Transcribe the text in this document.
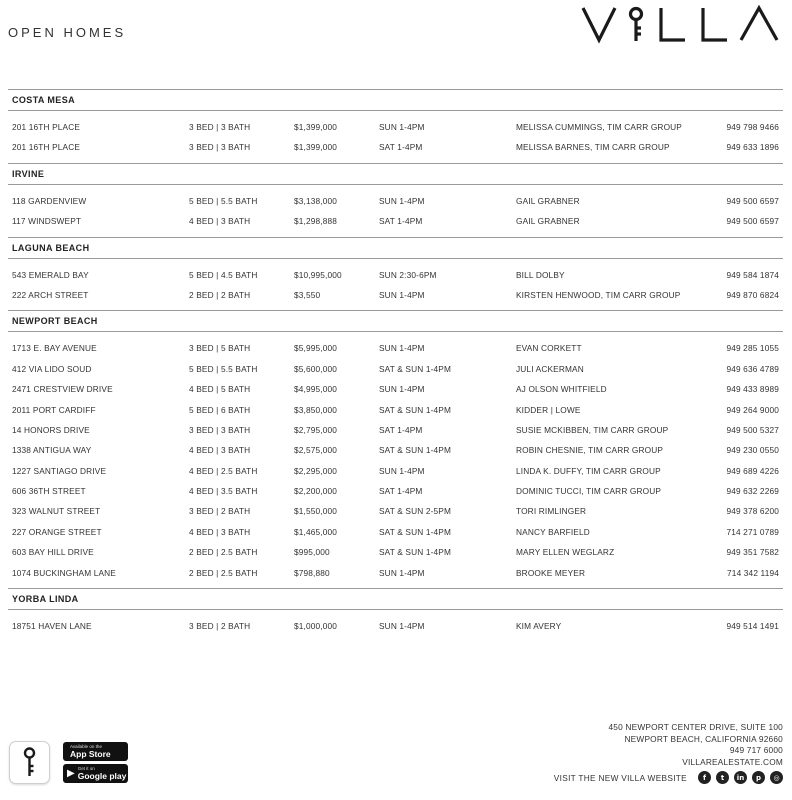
OPEN HOMES
COSTA MESA
201 16TH PLACE	3 BED | 3 BATH	$1,399,000	SUN 1-4PM	MELISSA CUMMINGS, TIM CARR GROUP	949 798 9466
201 16TH PLACE	3 BED | 3 BATH	$1,399,000	SAT 1-4PM	MELISSA BARNES, TIM CARR GROUP	949 633 1896
IRVINE
118 GARDENVIEW	5 BED | 5.5 BATH	$3,138,000	SUN 1-4PM	GAIL GRABNER	949 500 6597
117 WINDSWEPT	4 BED | 3 BATH	$1,298,888	SAT 1-4PM	GAIL GRABNER	949 500 6597
LAGUNA BEACH
543 EMERALD BAY	5 BED | 4.5 BATH	$10,995,000	SUN 2:30-6PM	BILL DOLBY	949 584 1874
222 ARCH STREET	2 BED | 2 BATH	$3,550	SUN 1-4PM	KIRSTEN HENWOOD, TIM CARR GROUP	949 870 6824
NEWPORT BEACH
1713 E. BAY AVENUE	3 BED | 5 BATH	$5,995,000	SUN 1-4PM	EVAN CORKETT	949 285 1055
412 VIA LIDO SOUD	5 BED | 5.5 BATH	$5,600,000	SAT & SUN 1-4PM	JULI ACKERMAN	949 636 4789
2471 CRESTVIEW DRIVE	4 BED | 5 BATH	$4,995,000	SUN 1-4PM	AJ OLSON WHITFIELD	949 433 8989
2011 PORT CARDIFF	5 BED | 6 BATH	$3,850,000	SAT & SUN 1-4PM	KIDDER | LOWE	949 264 9000
14 HONORS DRIVE	3 BED | 3 BATH	$2,795,000	SAT 1-4PM	SUSIE MCKIBBEN, TIM CARR GROUP	949 500 5327
1338 ANTIGUA WAY	4 BED | 3 BATH	$2,575,000	SAT & SUN 1-4PM	ROBIN CHESNIE, TIM CARR GROUP	949 230 0550
1227 SANTIAGO DRIVE	4 BED | 2.5 BATH	$2,295,000	SUN 1-4PM	LINDA K. DUFFY, TIM CARR GROUP	949 689 4226
606 36TH STREET	4 BED | 3.5 BATH	$2,200,000	SAT 1-4PM	DOMINIC TUCCI, TIM CARR GROUP	949 632 2269
323 WALNUT STREET	3 BED | 2 BATH	$1,550,000	SAT & SUN 2-5PM	TORI RIMLINGER	949 378 6200
227 ORANGE STREET	4 BED | 3 BATH	$1,465,000	SAT & SUN 1-4PM	NANCY BARFIELD	714 271 0789
603 BAY HILL DRIVE	2 BED | 2.5 BATH	$995,000	SAT & SUN 1-4PM	MARY ELLEN WEGLARZ	949 351 7582
1074 BUCKINGHAM LANE	2 BED | 2.5 BATH	$798,880	SUN 1-4PM	BROOKE MEYER	714 342 1194
YORBA LINDA
18751 HAVEN LANE	3 BED | 2 BATH	$1,000,000	SUN 1-4PM	KIM AVERY	949 514 1491
Available on the
App Store
▶ Get it on
Google play
450 NEWPORT CENTER DRIVE, SUITE 100
NEWPORT BEACH, CALIFORNIA 92660
949 717 6000
VILLAREALESTATE.COM
VISIT THE NEW VILLA WEBSITE	f	t	in	p	◎
